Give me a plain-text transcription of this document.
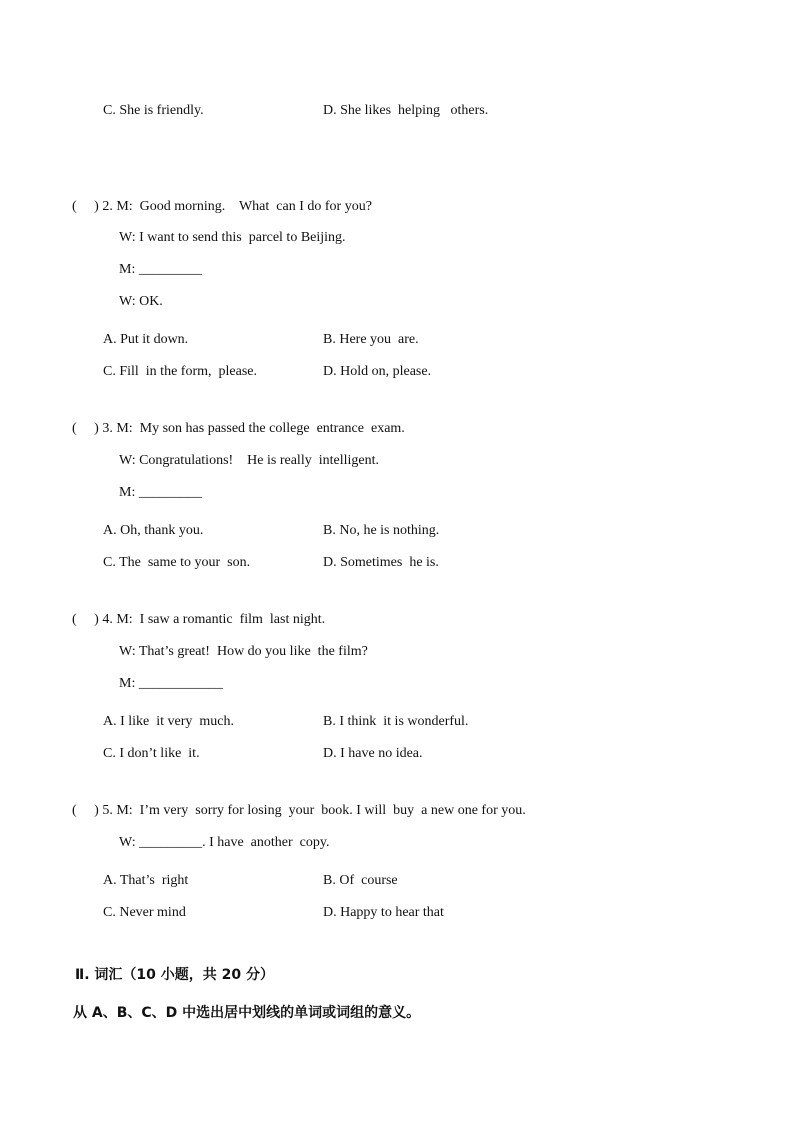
C. She is friendly.	D. She likes  helping   others.
(     ) 2. M:  Good morning.    What  can I do for you?
W: I want to send this  parcel to Beijing.
M: _________
W: OK.
A. Put it down.	B. Here you  are.
C. Fill  in the form,  please.	D. Hold on, please.
(     ) 3. M:  My son has passed the college  entrance  exam.
W: Congratulations!    He is really  intelligent.
M: _________
A. Oh, thank you.	B. No, he is nothing.
C. The  same to your  son.	D. Sometimes  he is.
(     ) 4. M:  I saw a romantic  film  last night.
W: That’s great!  How do you like  the film?
M: ____________
A. I like  it very  much.	B. I think  it is wonderful.
C. I don’t like  it.	D. I have no idea.
(     ) 5. M:  I’m very  sorry for losing  your  book. I will  buy  a new one for you.
W: _________. I have  another  copy.
A. That’s  right	B. Of  course
C. Never mind	D. Happy to hear that
Ⅱ. 词汇（10 小题，共 20 分）
从 A、B、C、D 中选出居中划线的单词或词组的意义。
